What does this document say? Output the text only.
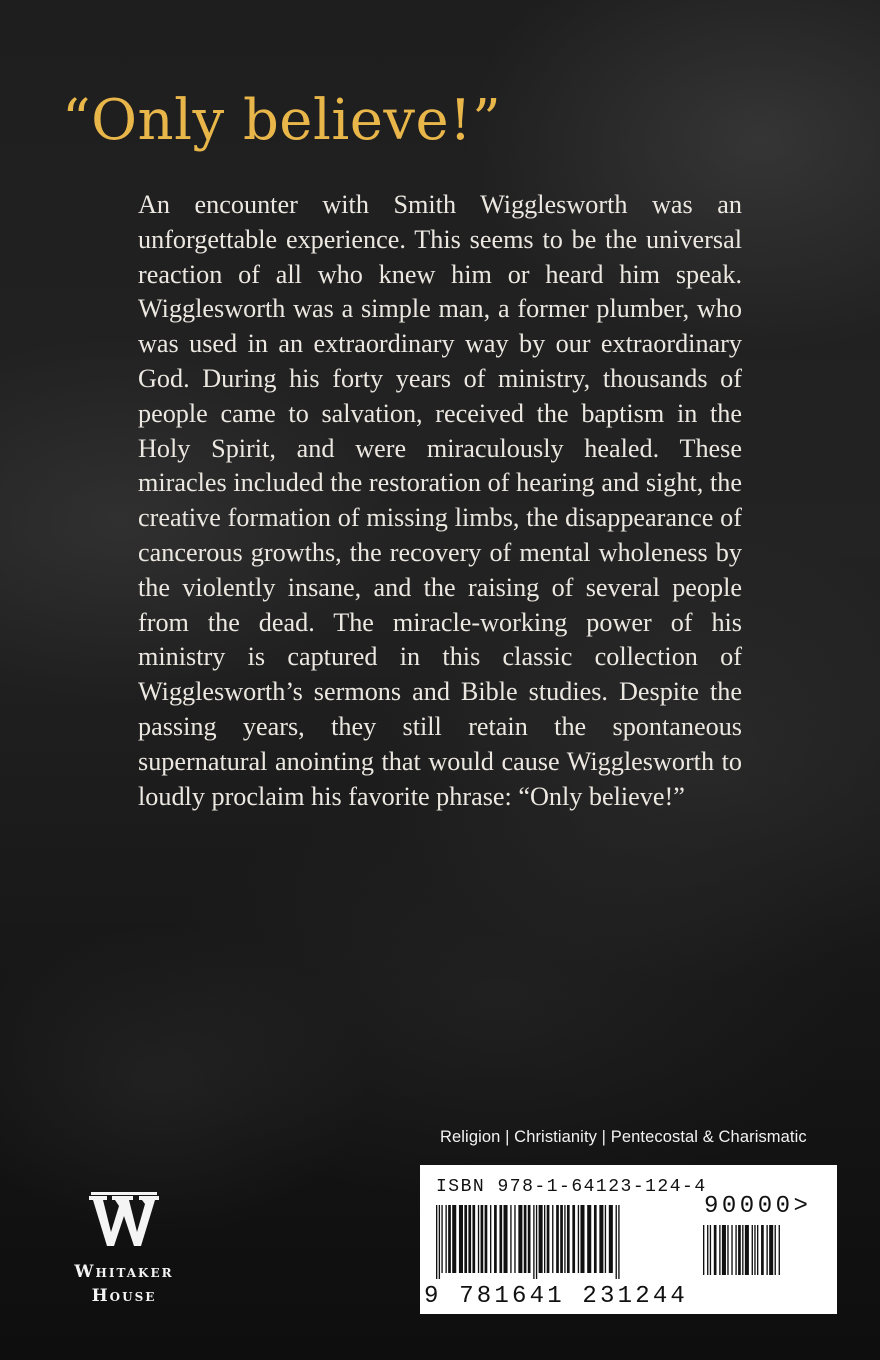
“Only believe!”

An encounter with Smith Wigglesworth was an unforgettable experience. This seems to be the universal reaction of all who knew him or heard him speak. Wigglesworth was a simple man, a former plumber, who was used in an extraordinary way by our extraordinary God. During his forty years of ministry, thousands of people came to salvation, received the baptism in the Holy Spirit, and were miraculously healed. These miracles included the restoration of hearing and sight, the creative formation of missing limbs, the disappearance of cancerous growths, the recovery of mental wholeness by the violently insane, and the raising of several people from the dead. The miracle-working power of his ministry is captured in this classic collection of Wigglesworth’s sermons and Bible studies. Despite the passing years, they still retain the spontaneous supernatural anointing that would cause Wigglesworth to loudly proclaim his favorite phrase: “Only believe!”

Religion | Christianity | Pentecostal & Charismatic
ISBN 978-1-64123-124-4
90000>
9 781641 231244
Whitaker
House
